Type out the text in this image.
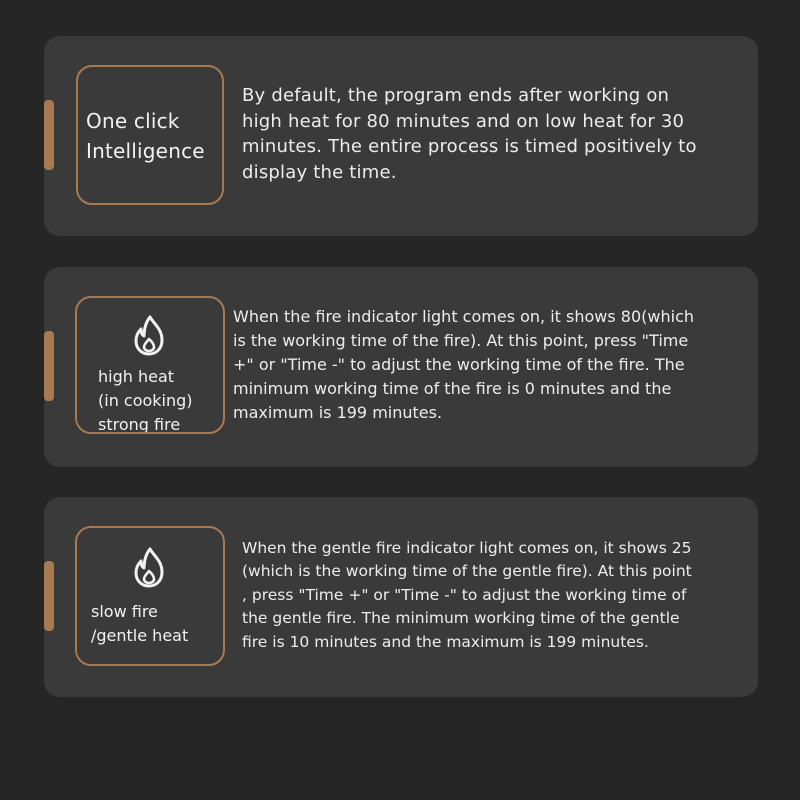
One click
Intelligence
By default, the program ends after working on
high heat for 80 minutes and on low heat for 30
minutes. The entire process is timed positively to
display the time.
high heat
(in cooking)
strong fire
When the fire indicator light comes on, it shows 80(which
is the working time of the fire). At this point, press "Time
+" or "Time -" to adjust the working time of the fire. The
minimum working time of the fire is 0 minutes and the
maximum is 199 minutes.
slow fire
/gentle heat
When the gentle fire indicator light comes on, it shows 25
(which is the working time of the gentle fire). At this point
, press "Time +" or "Time -" to adjust the working time of
the gentle fire. The minimum working time of the gentle
fire is 10 minutes and the maximum is 199 minutes.
